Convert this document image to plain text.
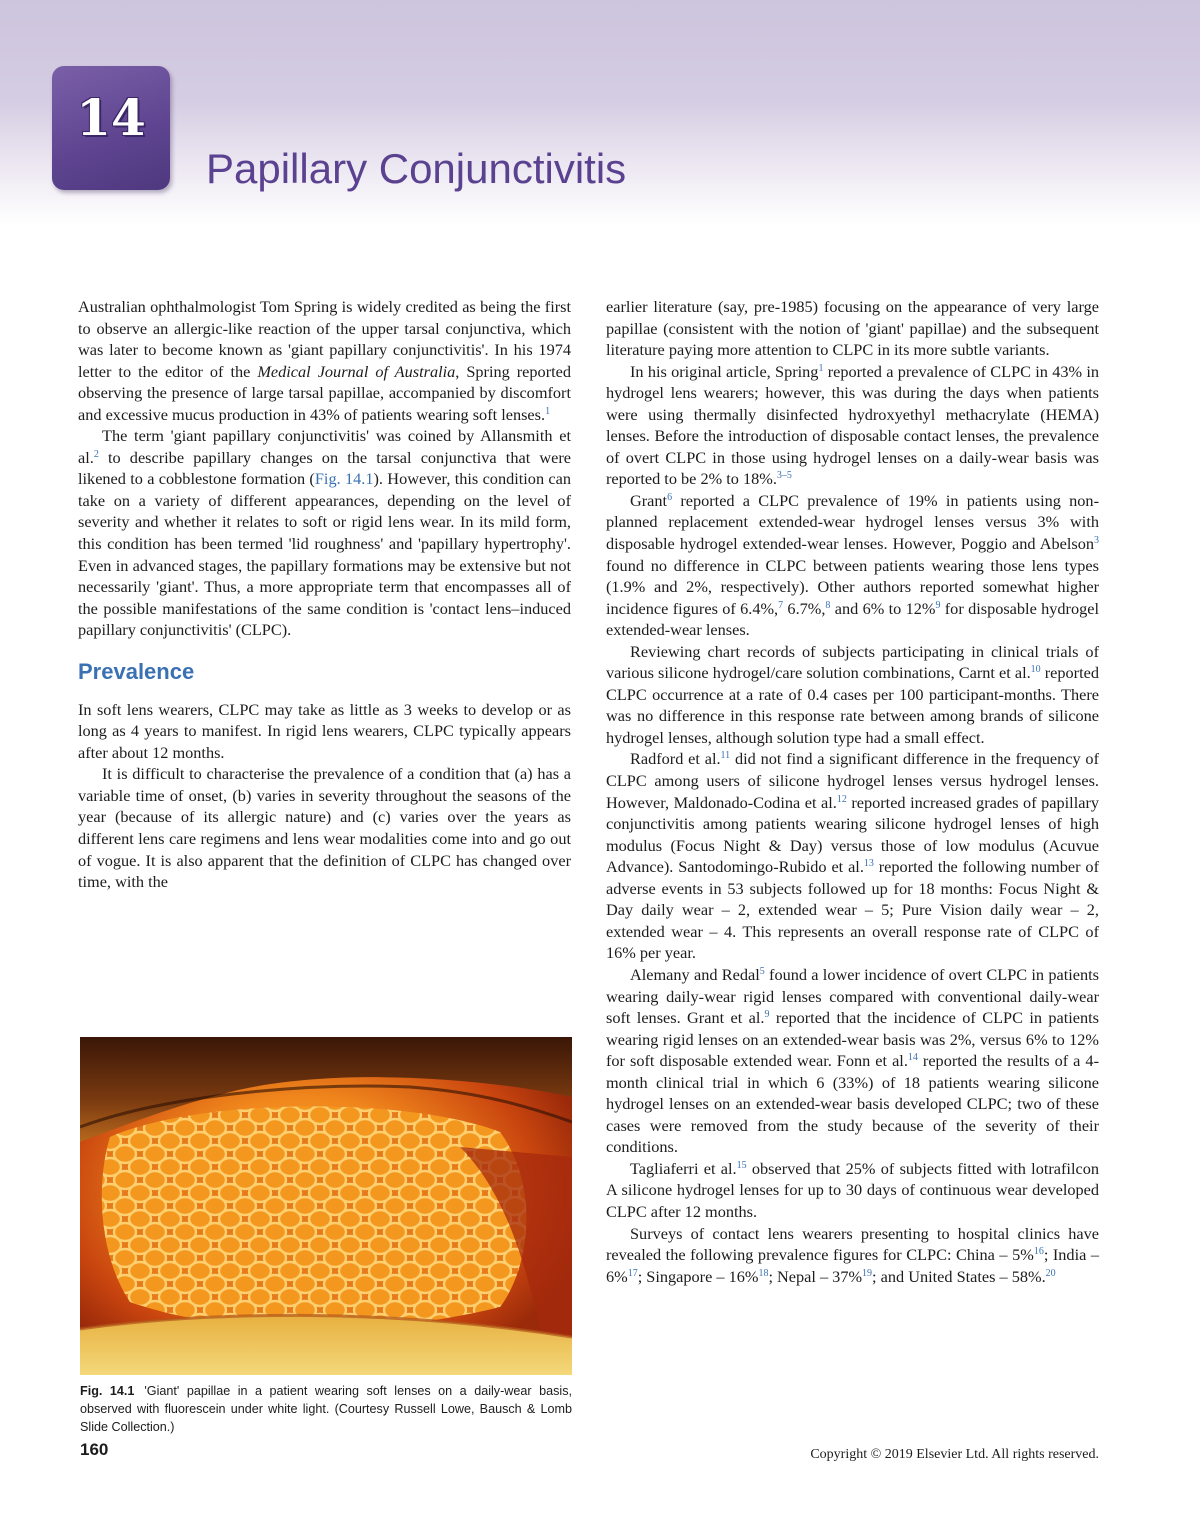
14
Papillary Conjunctivitis

Australian ophthalmologist Tom Spring is widely credited as being the first to observe an allergic-like reaction of the upper tarsal conjunctiva, which was later to become known as 'giant papillary conjunctivitis'. In his 1974 letter to the editor of the Medical Journal of Australia, Spring reported observing the presence of large tarsal papillae, accompanied by discomfort and excessive mucus production in 43% of patients wearing soft lenses.$^1$

The term 'giant papillary conjunctivitis' was coined by Allansmith et al.$^2$ to describe papillary changes on the tarsal conjunctiva that were likened to a cobblestone formation (Fig. 14.1). However, this condition can take on a variety of different appearances, depending on the level of severity and whether it relates to soft or rigid lens wear. In its mild form, this condition has been termed 'lid roughness' and 'papillary hypertrophy'. Even in advanced stages, the papillary formations may be extensive but not necessarily 'giant'. Thus, a more appropriate term that encompasses all of the possible manifestations of the same condition is 'contact lens–induced papillary conjunctivitis' (CLPC).

Prevalence

In soft lens wearers, CLPC may take as little as 3 weeks to develop or as long as 4 years to manifest. In rigid lens wearers, CLPC typically appears after about 12 months.

It is difficult to characterise the prevalence of a condition that (a) has a variable time of onset, (b) varies in severity throughout the seasons of the year (because of its allergic nature) and (c) varies over the years as different lens care regimens and lens wear modalities come into and go out of vogue. It is also apparent that the definition of CLPC has changed over time, with the

Fig. 14.1 'Giant' papillae in a patient wearing soft lenses on a daily-wear basis, observed with fluorescein under white light. (Courtesy Russell Lowe, Bausch & Lomb Slide Collection.)

earlier literature (say, pre-1985) focusing on the appearance of very large papillae (consistent with the notion of 'giant' papillae) and the subsequent literature paying more attention to CLPC in its more subtle variants.

In his original article, Spring$^1$ reported a prevalence of CLPC in 43% in hydrogel lens wearers; however, this was during the days when patients were using thermally disinfected hydroxyethyl methacrylate (HEMA) lenses. Before the introduction of disposable contact lenses, the prevalence of overt CLPC in those using hydrogel lenses on a daily-wear basis was reported to be 2% to 18%.$^{3-5}$

Grant$^6$ reported a CLPC prevalence of 19% in patients using non-planned replacement extended-wear hydrogel lenses versus 3% with disposable hydrogel extended-wear lenses. However, Poggio and Abelson$^3$ found no difference in CLPC between patients wearing those lens types (1.9% and 2%, respectively). Other authors reported somewhat higher incidence figures of 6.4%,$^7$ 6.7%,$^8$ and 6% to 12%$^9$ for disposable hydrogel extended-wear lenses.

Reviewing chart records of subjects participating in clinical trials of various silicone hydrogel/care solution combinations, Carnt et al.$^{10}$ reported CLPC occurrence at a rate of 0.4 cases per 100 participant-months. There was no difference in this response rate between among brands of silicone hydrogel lenses, although solution type had a small effect.

Radford et al.$^{11}$ did not find a significant difference in the frequency of CLPC among users of silicone hydrogel lenses versus hydrogel lenses. However, Maldonado-Codina et al.$^{12}$ reported increased grades of papillary conjunctivitis among patients wearing silicone hydrogel lenses of high modulus (Focus Night & Day) versus those of low modulus (Acuvue Advance). Santodomingo-Rubido et al.$^{13}$ reported the following number of adverse events in 53 subjects followed up for 18 months: Focus Night & Day daily wear – 2, extended wear – 5; Pure Vision daily wear – 2, extended wear – 4. This represents an overall response rate of CLPC of 16% per year.

Alemany and Redal$^5$ found a lower incidence of overt CLPC in patients wearing daily-wear rigid lenses compared with conventional daily-wear soft lenses. Grant et al.$^9$ reported that the incidence of CLPC in patients wearing rigid lenses on an extended-wear basis was 2%, versus 6% to 12% for soft disposable extended wear. Fonn et al.$^{14}$ reported the results of a 4-month clinical trial in which 6 (33%) of 18 patients wearing silicone hydrogel lenses on an extended-wear basis developed CLPC; two of these cases were removed from the study because of the severity of their conditions.

Tagliaferri et al.$^{15}$ observed that 25% of subjects fitted with lotrafilcon A silicone hydrogel lenses for up to 30 days of continuous wear developed CLPC after 12 months.

Surveys of contact lens wearers presenting to hospital clinics have revealed the following prevalence figures for CLPC: China – 5%$^{16}$; India – 6%$^{17}$; Singapore – 16%$^{18}$; Nepal – 37%$^{19}$; and United States – 58%.$^{20}$

160	Copyright © 2019 Elsevier Ltd. All rights reserved.
